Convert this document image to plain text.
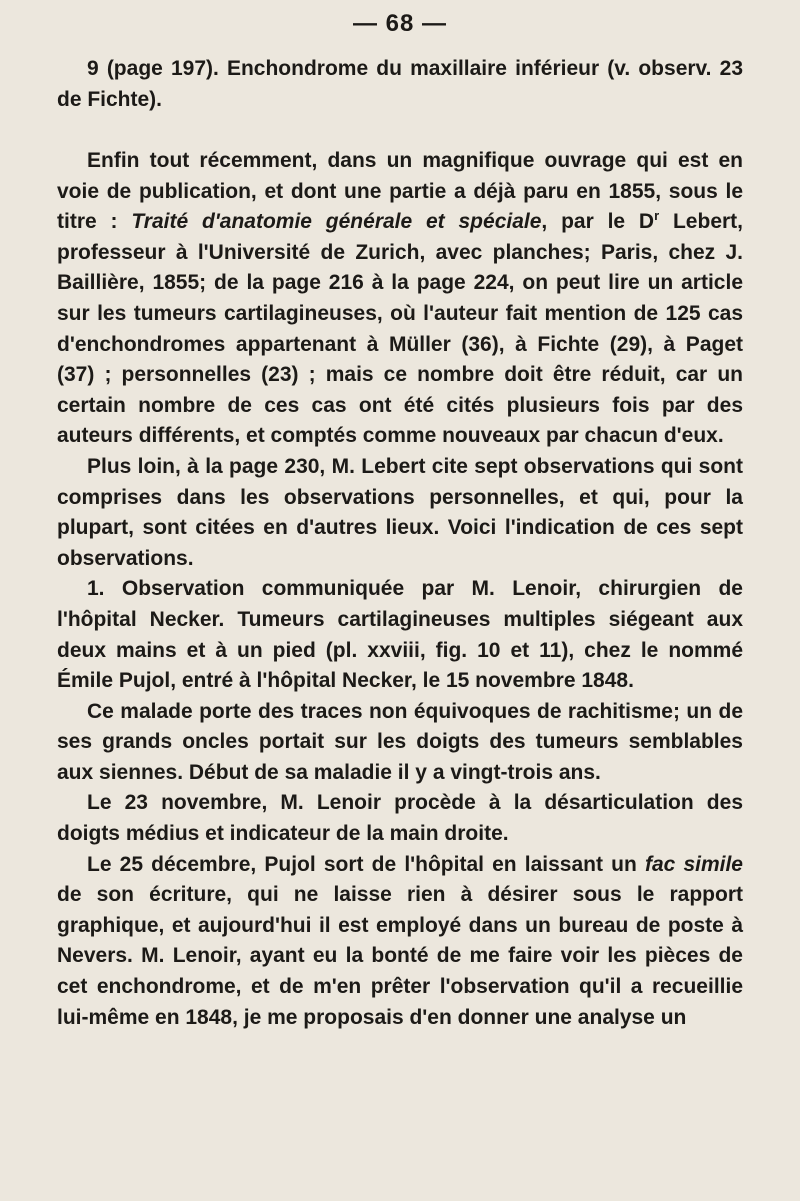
— 68 —

9 (page 197). Enchondrome du maxillaire inférieur (v. observ. 23 de Fichte).

Enfin tout récemment, dans un magnifique ouvrage qui est en voie de publication, et dont une partie a déjà paru en 1855, sous le titre : Traité d'anatomie générale et spéciale, par le $D^r$ Lebert, professeur à l'Université de Zurich, avec planches; Paris, chez J. Baillière, 1855; de la page 216 à la page 224, on peut lire un article sur les tumeurs cartilagineuses, où l'auteur fait mention de 125 cas d'enchondromes appartenant à Müller (36), à Fichte (29), à Paget (37) ; personnelles (23) ; mais ce nombre doit être réduit, car un certain nombre de ces cas ont été cités plusieurs fois par des auteurs différents, et comptés comme nouveaux par chacun d'eux.

Plus loin, à la page 230, M. Lebert cite sept observations qui sont comprises dans les observations personnelles, et qui, pour la plupart, sont citées en d'autres lieux. Voici l'indication de ces sept observations.

1. Observation communiquée par M. Lenoir, chirurgien de l'hôpital Necker. Tumeurs cartilagineuses multiples siégeant aux deux mains et à un pied (pl. xxviii, fig. 10 et 11), chez le nommé Émile Pujol, entré à l'hôpital Necker, le 15 novembre 1848.

Ce malade porte des traces non équivoques de rachitisme; un de ses grands oncles portait sur les doigts des tumeurs semblables aux siennes. Début de sa maladie il y a vingt-trois ans.

Le 23 novembre, M. Lenoir procède à la désarticulation des doigts médius et indicateur de la main droite.

Le 25 décembre, Pujol sort de l'hôpital en laissant un fac simile de son écriture, qui ne laisse rien à désirer sous le rapport graphique, et aujourd'hui il est employé dans un bureau de poste à Nevers. M. Lenoir, ayant eu la bonté de me faire voir les pièces de cet enchondrome, et de m'en prêter l'observation qu'il a recueillie lui-même en 1848, je me proposais d'en donner une analyse un
